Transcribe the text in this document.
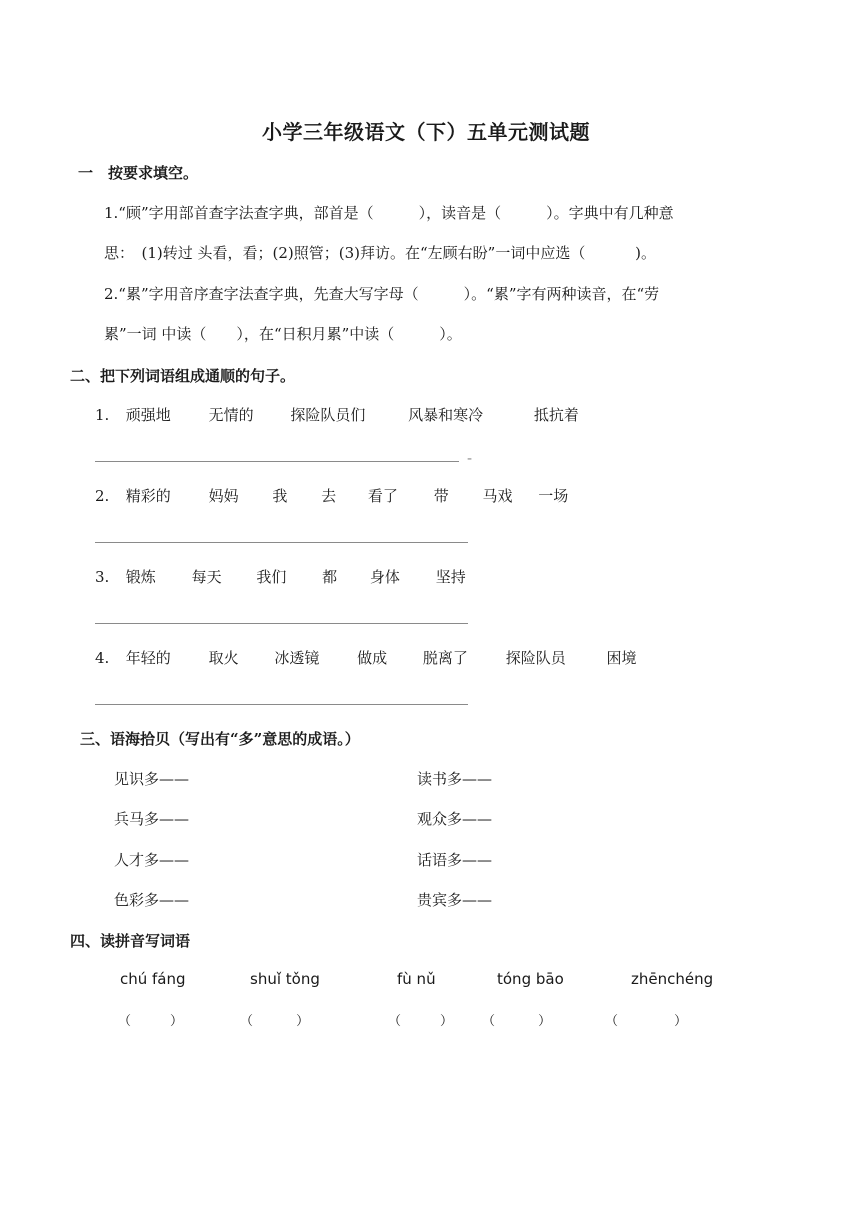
小学三年级语文（下）五单元测试题
一　按要求填空。
1.“顾”字用部首查字法查字典，部首是（　　　），读音是（　　　）。字典中有几种意
思：　(1)转过 头看，看；(2)照管；(3)拜访。在“左顾右盼”一词中应选（　　　 )。
2.“累”字用音序查字法查字典，先查大写字母（　　　）。“累”字有两种读音，在“劳
累”一词 中读（　　），在“日积月累”中读（　　　）。
二、把下列词语组成通顺的句子。
1. 顽强地	无情的 探险队员们	风暴和寒冷	抵抗着
-
2. 精彩的	妈妈 我 去 看了 带 马戏 一场
3. 锻炼 每天 我们 都 身体 坚持
4. 年轻的	取火 冰透镜	做成 脱离了	探险队员	困境
三、语海拾贝（写出有“多”意思的成语。）
见识多——	读书多——
兵马多——	观众多——
人才多——	话语多——
色彩多——	贵宾多——
四、读拼音写词语
chú fáng	shuǐ tǒng	fù nǔ	tóng bāo	zhēnchéng
（　　　）	（　　　 ）	（　　　） （　　　 ）	（　　　　 ）
